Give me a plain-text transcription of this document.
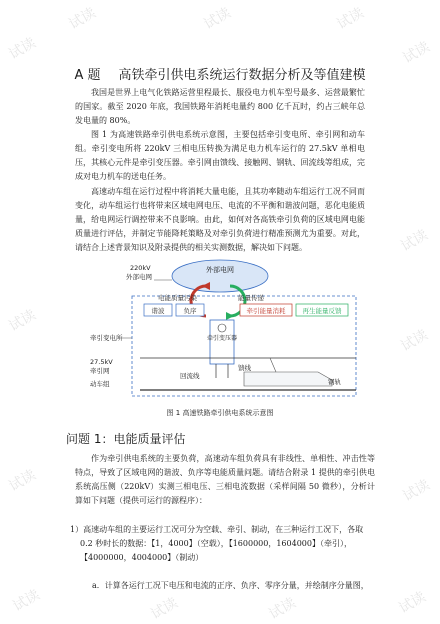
试读	试读	试读
试读	试读
试读
试读
试读
试读	试读
试读	试读	试读	试读
A 题 高铁牵引供电系统运行数据分析及等值建模

我国是世界上电气化铁路运营里程最长、服役电力机车型号最多、运营最繁忙的国家。截至 2020 年底，我国铁路年消耗电量约 800 亿千瓦时，约占三峡年总发电量的 80%。

图 1 为高速铁路牵引供电系统示意图，主要包括牵引变电所、牵引网和动车组。牵引变电所将 220kV 三相电压转换为满足电力机车运行的 27.5kV 单相电压，其核心元件是牵引变压器。牵引网由馈线、接触网、钢轨、回流线等组成，完成对电力机车的送电任务。

高速动车组在运行过程中将消耗大量电能，且其功率随动车组运行工况不同而变化，动车组运行也将带来区域电网电压、电流的不平衡和谐波问题，恶化电能质量，给电网运行调控带来不良影响。由此，如何对各高铁牵引负荷的区域电网电能质量进行评估，并制定节能降耗策略及对牵引负荷进行精准预测尤为重要。对此，请结合上述背景知识及附录提供的相关实测数据，解决如下问题。

外部电网
220kV
外部电网
电能质量污染	能量传递
谐波	负序	牵引能量消耗	再生能量反馈
牵引变压器
牵引变电所
27.5kV
牵引网
动车组
馈线
回流线
钢轨
图 1 高速铁路牵引供电系统示意图
问题 1：电能质量评估

作为牵引供电系统的主要负荷，高速动车组负荷具有非线性、单相性、冲击性等特点，导致了区域电网的谐波、负序等电能质量问题。请结合附录 1 提供的牵引供电系统高压侧（220kV）实测三相电压、三相电流数据（采样间隔 50 微秒），分析计算如下问题（提供可运行的源程序）：

1）高速动车组的主要运行工况可分为空载、牵引、制动，在三种运行工况下，各取 0.2 秒时长的数据：【1，4000】（空载），【1600000，1604000】（牵引），【4000000，4004000】（制动）

a．计算各运行工况下电压和电流的正序、负序、零序分量，并绘制序分量图，
